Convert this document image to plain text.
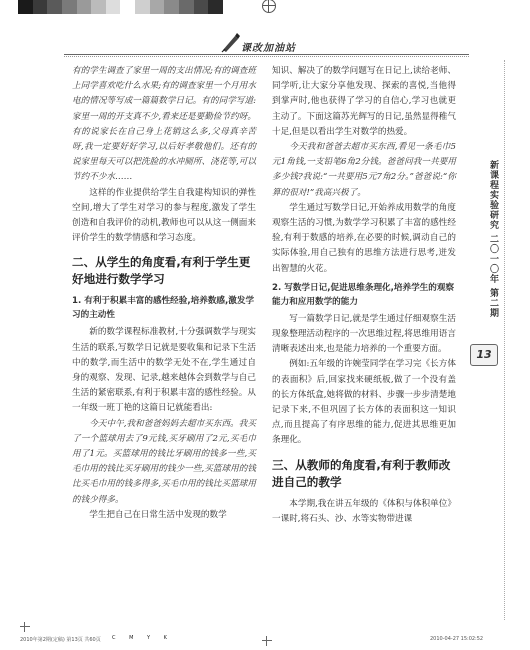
课改加油站

有的学生调查了家里一周的支出情况;有的调查班上同学喜欢吃什么水果;有的调查家里一个月用水电的情况等写成一篇篇数学日记。有的同学写道:家里一周的开支真不少,看来还是要勤俭节约呀。有的说家长在自己身上花销这么多,父母真辛苦呀,我一定要好好学习,以后好孝敬他们。还有的说家里每天可以把洗脸的水冲厕所、浇花等,可以节约不少水……

这样的作业提供给学生自我建构知识的弹性空间,增大了学生对学习的参与程度,激发了学生创造和自我评价的动机,教师也可以从这一侧面来评价学生的数学情感和学习态度。

二、从学生的角度看,有利于学生更好地进行数学学习
1. 有利于积累丰富的感性经验,培养数感,激发学习的主动性

新的数学课程标准教材,十分强调数学与现实生活的联系,写数学日记就是要收集和记录下生活中的数学,而生活中的数学无处不在,学生通过自身的观察、发现、记录,越来越体会到数学与自己生活的紧密联系,有利于积累丰富的感性经验。从一年级一班丁艳的这篇日记就能看出:

今天中午,我和爸爸妈妈去超市买东西。我买了一个篮球用去了9元钱,买牙刷用了2元,买毛巾用了1元。买篮球用的钱比牙刷用的钱多一些,买毛巾用的钱比买牙刷用的钱少一些,买篮球用的钱比买毛巾用的钱多得多,买毛巾用的钱比买篮球用的钱少得多。

学生把自己在日常生活中发现的数学

知识、解决了的数学问题写在日记上,读给老师、同学听,让大家分享他发现、探索的喜悦,当他得到掌声时,他也获得了学习的自信心,学习也就更主动了。下面这篇苏光辉写的日记,虽然显得稚气十足,但是以看出学生对数学的热爱。

今天我和爸爸去超市买东西,看见一条毛巾5元1角钱,一支铅笔6角2分钱。爸爸问我一共要用多少钱?我说:“一共要用5元7角2分。”爸爸说:“你算的很对!”我高兴极了。

学生通过写数学日记,开始养成用数学的角度观察生活的习惯,为数学学习积累了丰富的感性经验,有利于数感的培养,在必要的时候,调动自己的实际体验,用自己独有的思维方法进行思考,迸发出智慧的火花。

2. 写数学日记,促进思维条理化,培养学生的观察能力和应用数学的能力

写一篇数学日记,就是学生通过仔细观察生活现象整理活动程序的一次思维过程,将思维用语言清晰表述出来,也是能力培养的一个重要方面。

例如:五年级的许婉莹同学在学习完《长方体的表面积》后,回家找来硬纸板,做了一个没有盖的长方体纸盒,她将做的材料、步骤一步步清楚地记录下来,不但巩固了长方体的表面积这一知识点,而且提高了有序思维的能力,促进其思维更加条理化。

三、从教师的角度看,有利于教师改进自己的教学

本学期,我在讲五年级的《体积与体积单位》一课时,将石头、沙、水等实物带进课

新课程实验研究 二〇一〇年 第二期
13
2010年第2期(定稿) 第13页 共60页 C M Y K	2010-04-27 15:02:52
